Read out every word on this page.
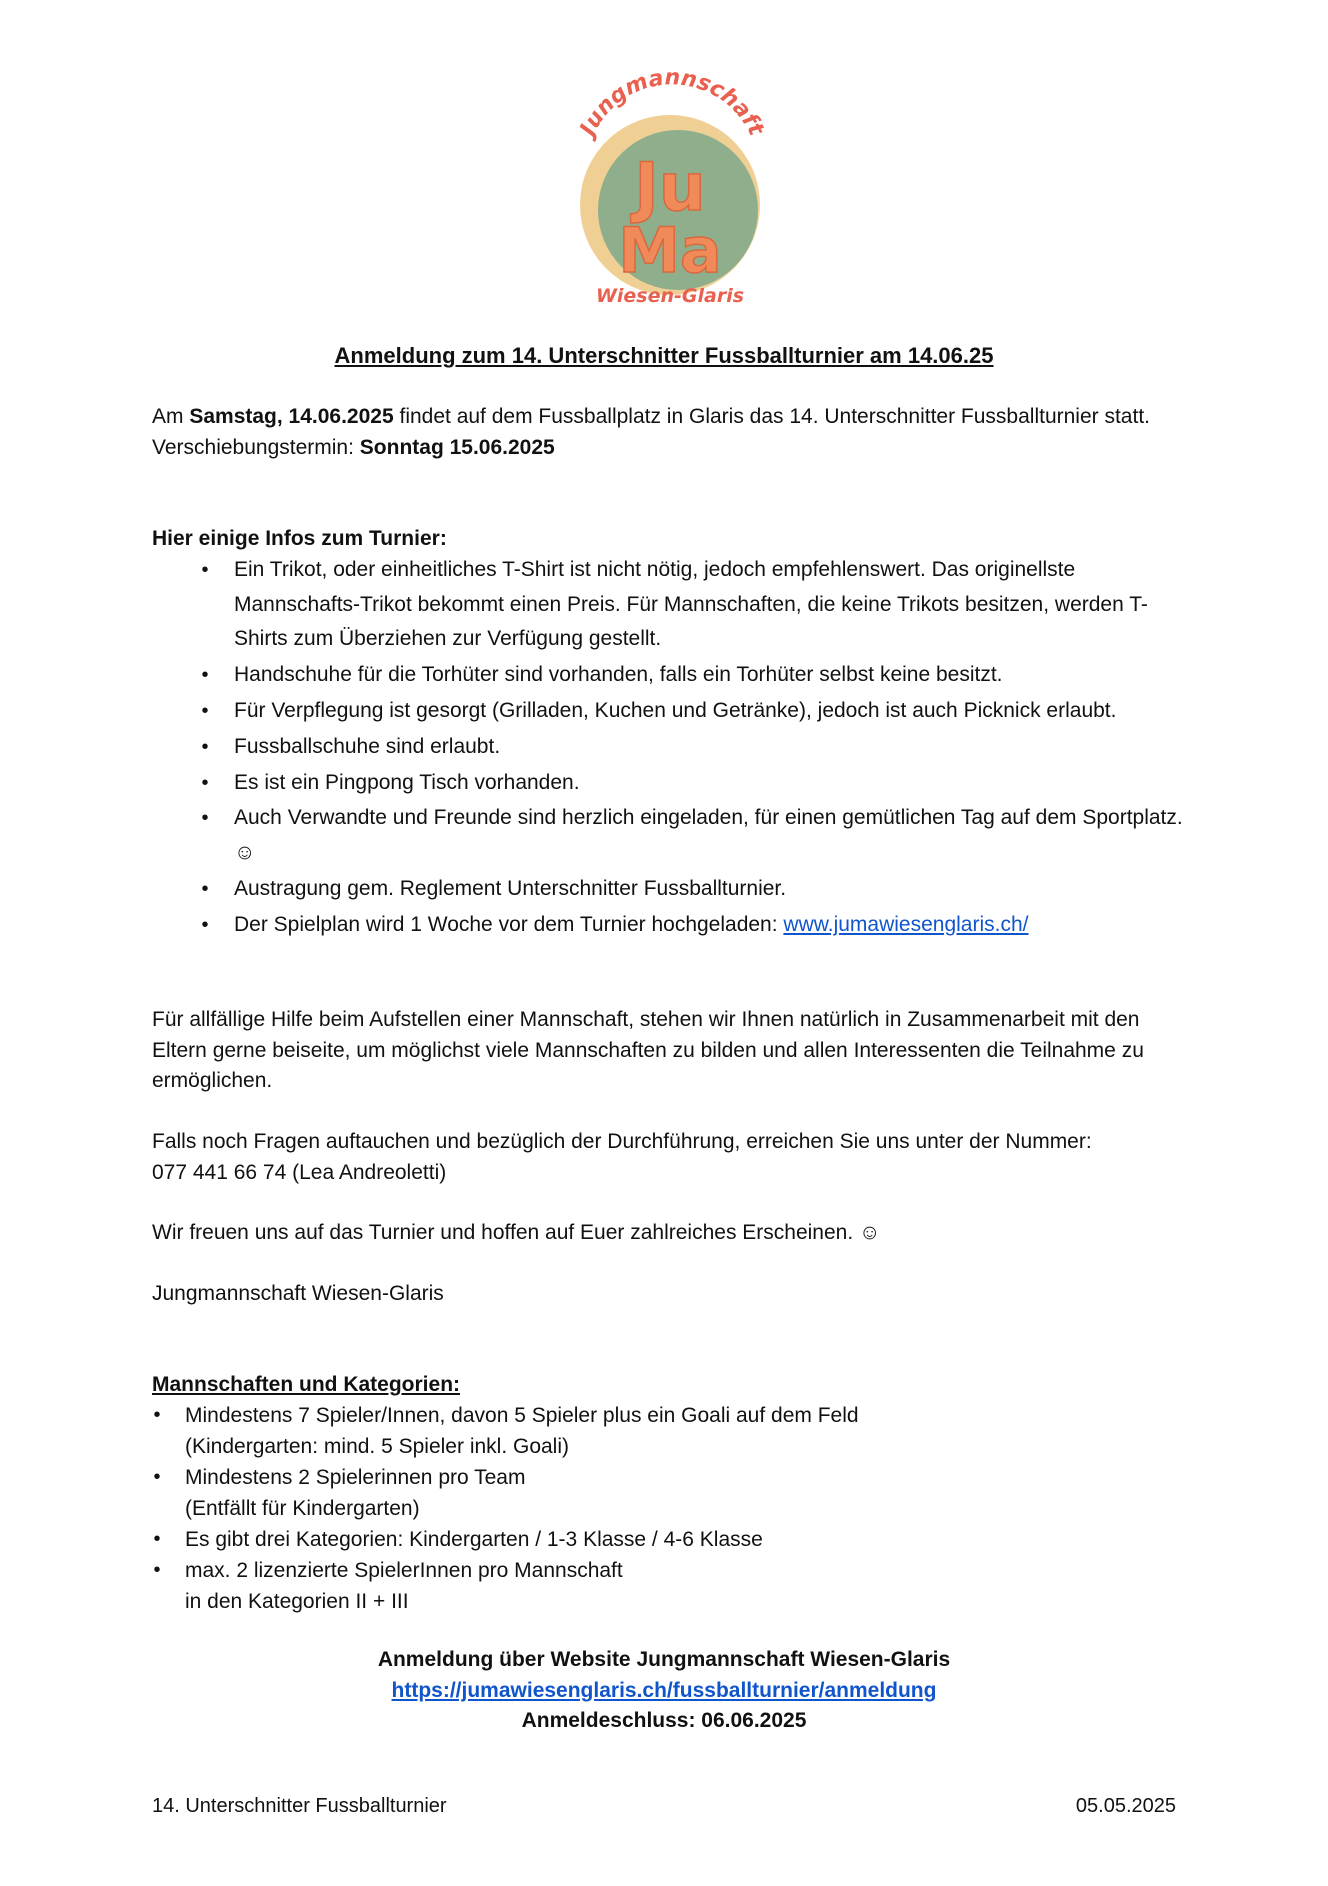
Jungmannschaft
Ju
Ma
Wiesen-Glaris
Anmeldung zum 14. Unterschnitter Fussballturnier am 14.06.25

Am Samstag, 14.06.2025 findet auf dem Fussballplatz in Glaris das 14. Unterschnitter Fussballturnier statt.

Verschiebungstermin: Sonntag 15.06.2025

Hier einige Infos zum Turnier:
• Ein Trikot, oder einheitliches T-Shirt ist nicht nötig, jedoch empfehlenswert. Das originellste Mannschafts-Trikot bekommt einen Preis. Für Mannschaften, die keine Trikots besitzen, werden T-Shirts zum Überziehen zur Verfügung gestellt.
• Handschuhe für die Torhüter sind vorhanden, falls ein Torhüter selbst keine besitzt.
• Für Verpflegung ist gesorgt (Grilladen, Kuchen und Getränke), jedoch ist auch Picknick erlaubt.
• Fussballschuhe sind erlaubt.
• Es ist ein Pingpong Tisch vorhanden.
• Auch Verwandte und Freunde sind herzlich eingeladen, für einen gemütlichen Tag auf dem Sportplatz. ☺
• Austragung gem. Reglement Unterschnitter Fussballturnier.
• Der Spielplan wird 1 Woche vor dem Turnier hochgeladen: www.jumawiesenglaris.ch/
Für allfällige Hilfe beim Aufstellen einer Mannschaft, stehen wir Ihnen natürlich in Zusammenarbeit mit den Eltern gerne beiseite, um möglichst viele Mannschaften zu bilden und allen Interessenten die Teilnahme zu ermöglichen.
Falls noch Fragen auftauchen und bezüglich der Durchführung, erreichen Sie uns unter der Nummer:
077 441 66 74 (Lea Andreoletti)
Wir freuen uns auf das Turnier und hoffen auf Euer zahlreiches Erscheinen. ☺
Jungmannschaft Wiesen-Glaris
Mannschaften und Kategorien:
• Mindestens 7 Spieler/Innen, davon 5 Spieler plus ein Goali auf dem Feld
(Kindergarten: mind. 5 Spieler inkl. Goali)
• Mindestens 2 Spielerinnen pro Team
(Entfällt für Kindergarten)
• Es gibt drei Kategorien: Kindergarten / 1-3 Klasse / 4-6 Klasse
• max. 2 lizenzierte SpielerInnen pro Mannschaft
in den Kategorien II + III
Anmeldung über Website Jungmannschaft Wiesen-Glaris
https://jumawiesenglaris.ch/fussballturnier/anmeldung
Anmeldeschluss: 06.06.2025
14. Unterschnitter Fussballturnier	05.05.2025
